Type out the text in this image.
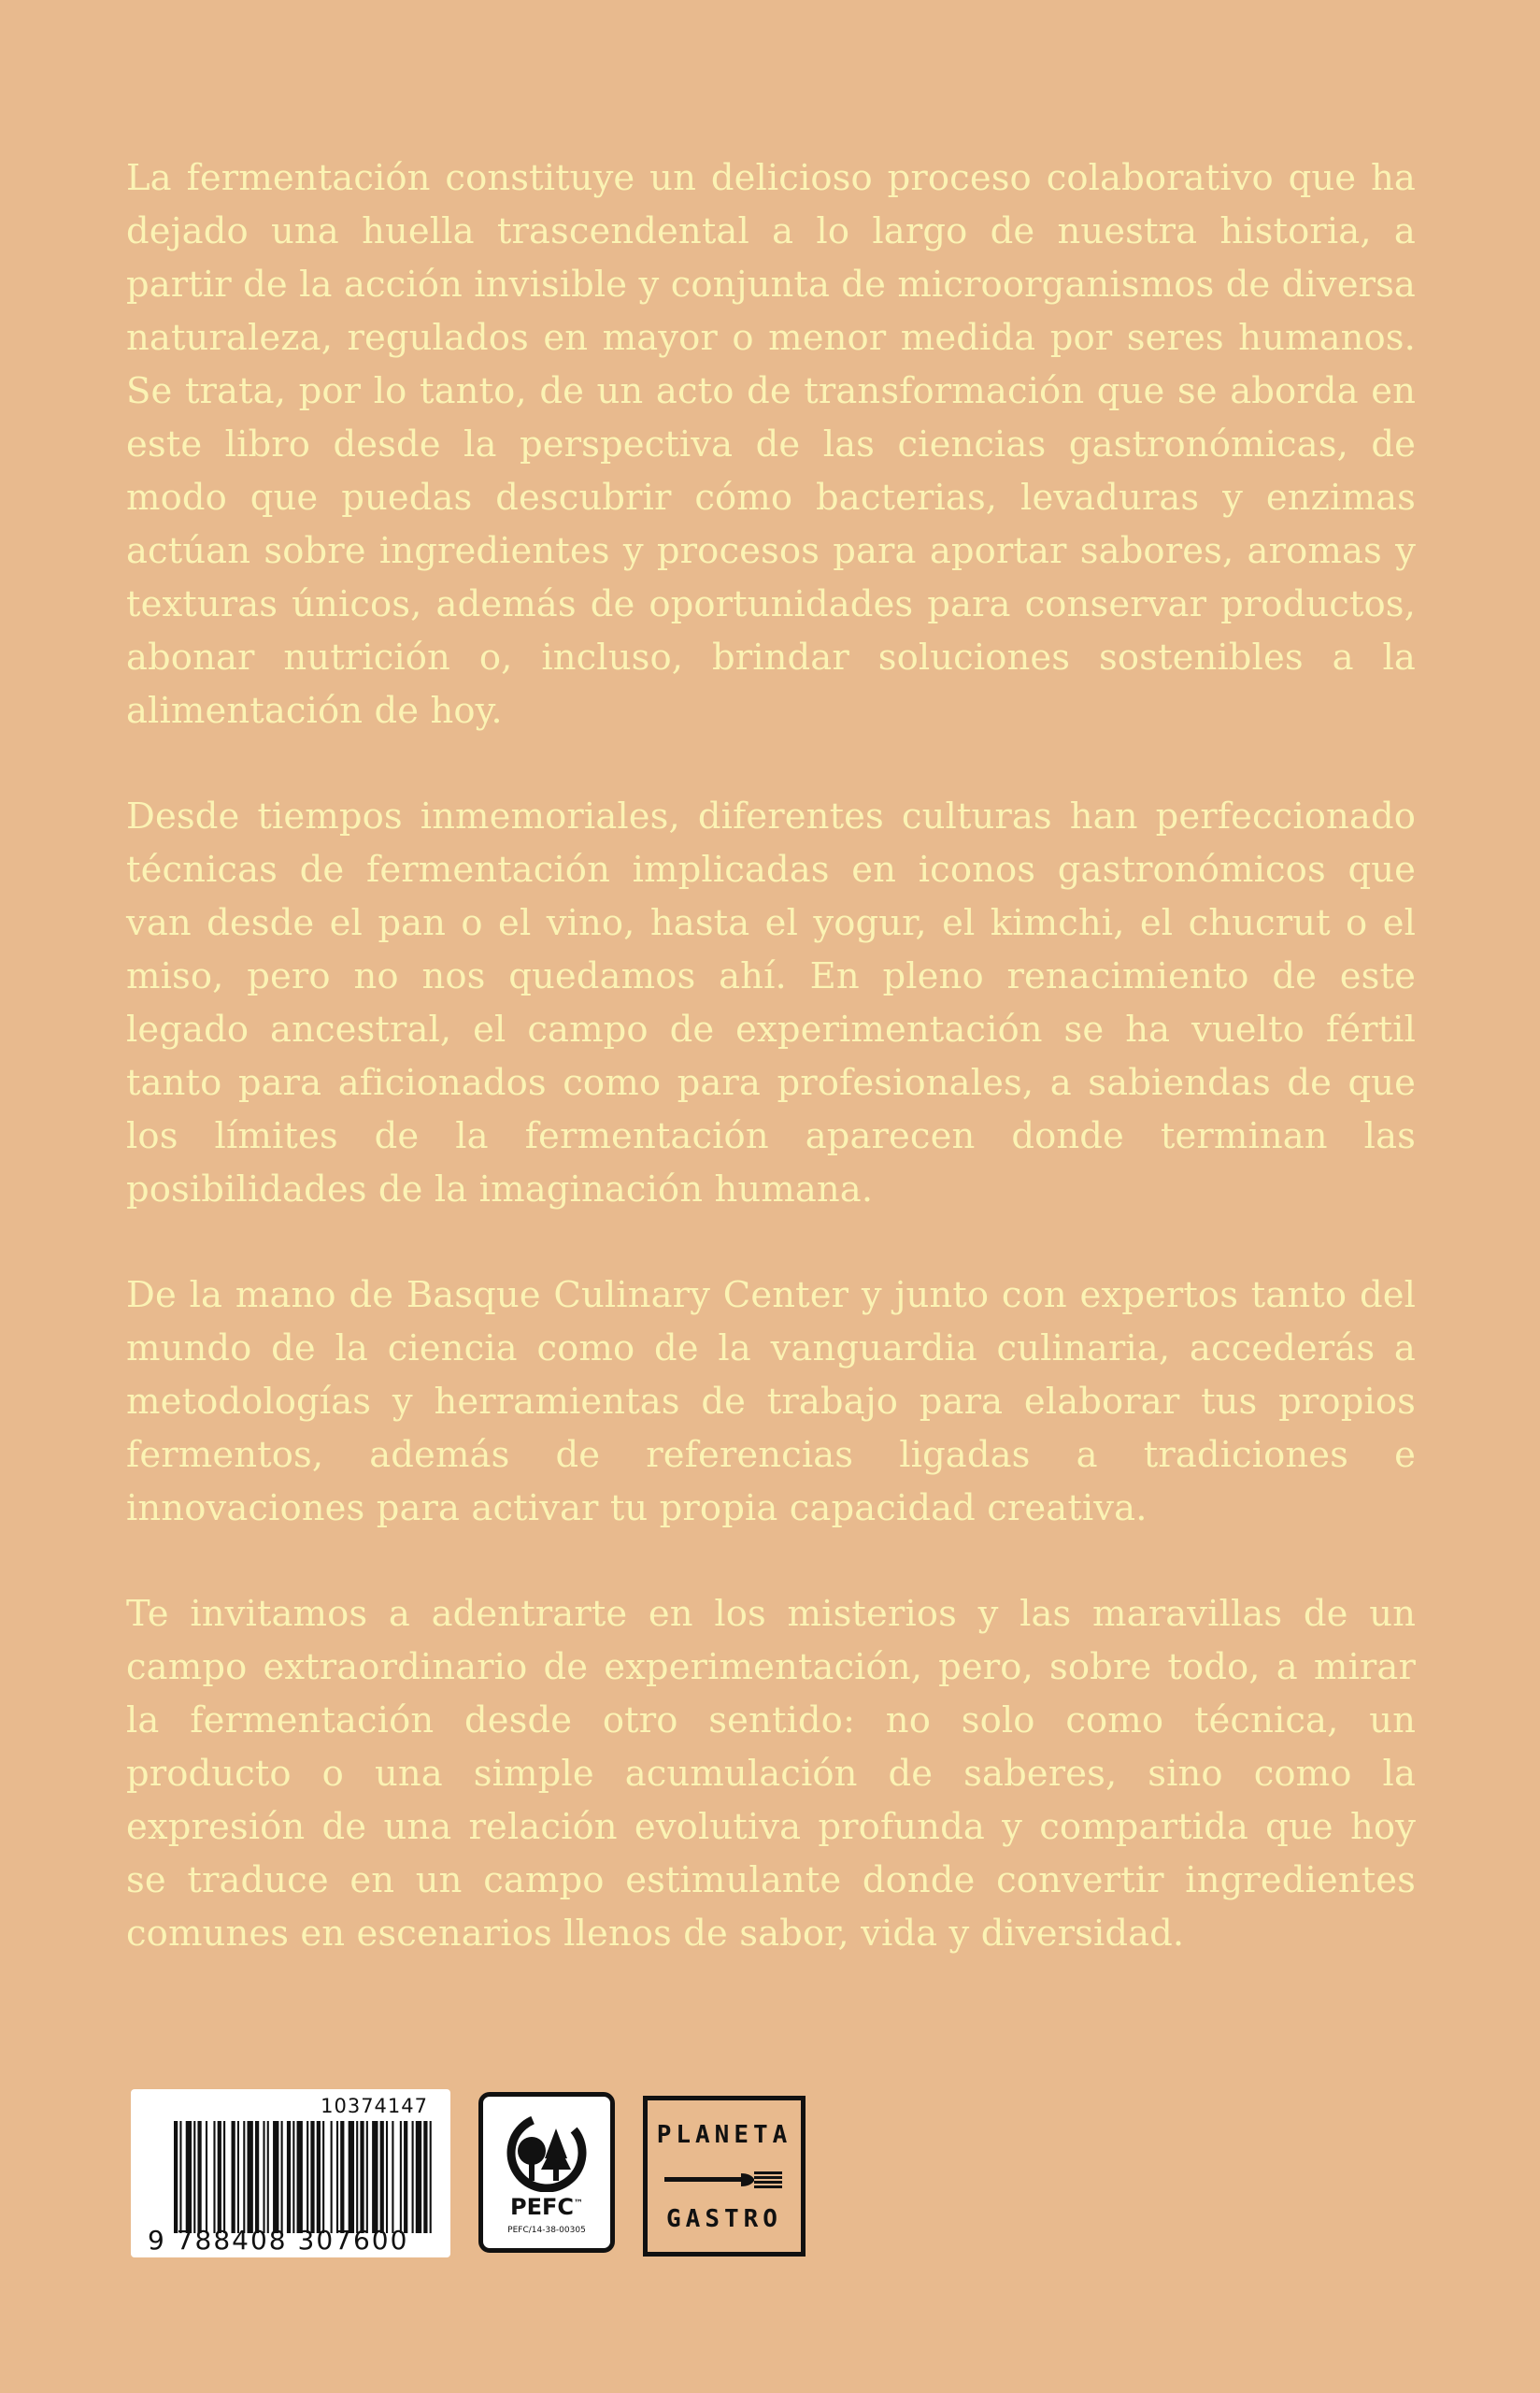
La fermentación constituye un delicioso proceso colaborativo que ha dejado una huella trascendental a lo largo de nuestra historia, a partir de la acción invisible y conjunta de microorganismos de diversa naturaleza, regulados en mayor o menor medida por seres humanos. Se trata, por lo tanto, de un acto de transformación que se aborda en este libro desde la perspectiva de las ciencias gastronómicas, de modo que puedas descubrir cómo bacterias, levaduras y enzimas actúan sobre ingredientes y procesos para aportar sabores, aromas y texturas únicos, además de oportunidades para conservar productos, abonar nutrición o, incluso, brindar soluciones sostenibles a la alimentación de hoy.

Desde tiempos inmemoriales, diferentes culturas han perfeccionado técnicas de fermentación implicadas en iconos gastronómicos que van desde el pan o el vino, hasta el yogur, el kimchi, el chucrut o el miso, pero no nos quedamos ahí. En pleno renacimiento de este legado ancestral, el campo de experimentación se ha vuelto fértil tanto para aficionados como para profesionales, a sabiendas de que los límites de la fermentación aparecen donde terminan las posibilidades de la imaginación humana.

De la mano de Basque Culinary Center y junto con expertos tanto del mundo de la ciencia como de la vanguardia culinaria, accederás a metodologías y herramientas de trabajo para elaborar tus propios fermentos, además de referencias ligadas a tradiciones e innovaciones para activar tu propia capacidad creativa.

Te invitamos a adentrarte en los misterios y las maravillas de un campo extraordinario de experimentación, pero, sobre todo, a mirar la fermentación desde otro sentido: no solo como técnica, un producto o una simple acumulación de saberes, sino como la expresión de una relación evolutiva profunda y compartida que hoy se traduce en un campo estimulante donde convertir ingredientes comunes en escenarios llenos de sabor, vida y diversidad.

10374147
9 788408 307600
PEFC™
PEFC/14-38-00305
PLANETA
GASTRO
